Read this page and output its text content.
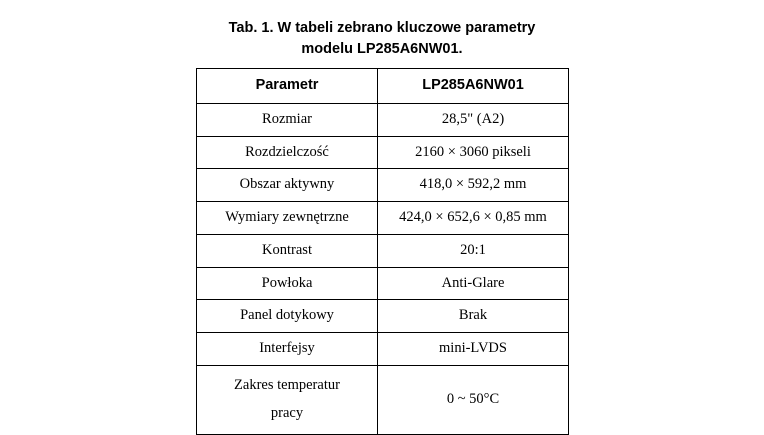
Tab. 1. W tabeli zebrano kluczowe parametry
modelu LP285A6NW01.
Parametr	LP285A6NW01
Rozmiar	28,5" (A2)
Rozdzielczość	2160 × 3060 pikseli
Obszar aktywny	418,0 × 592,2 mm
Wymiary zewnętrzne	424,0 × 652,6 × 0,85 mm
Kontrast	20:1
Powłoka	Anti-Glare
Panel dotykowy	Brak
Interfejsy	mini-LVDS

Zakres temperatur
pracy	0 ~ 50°C
